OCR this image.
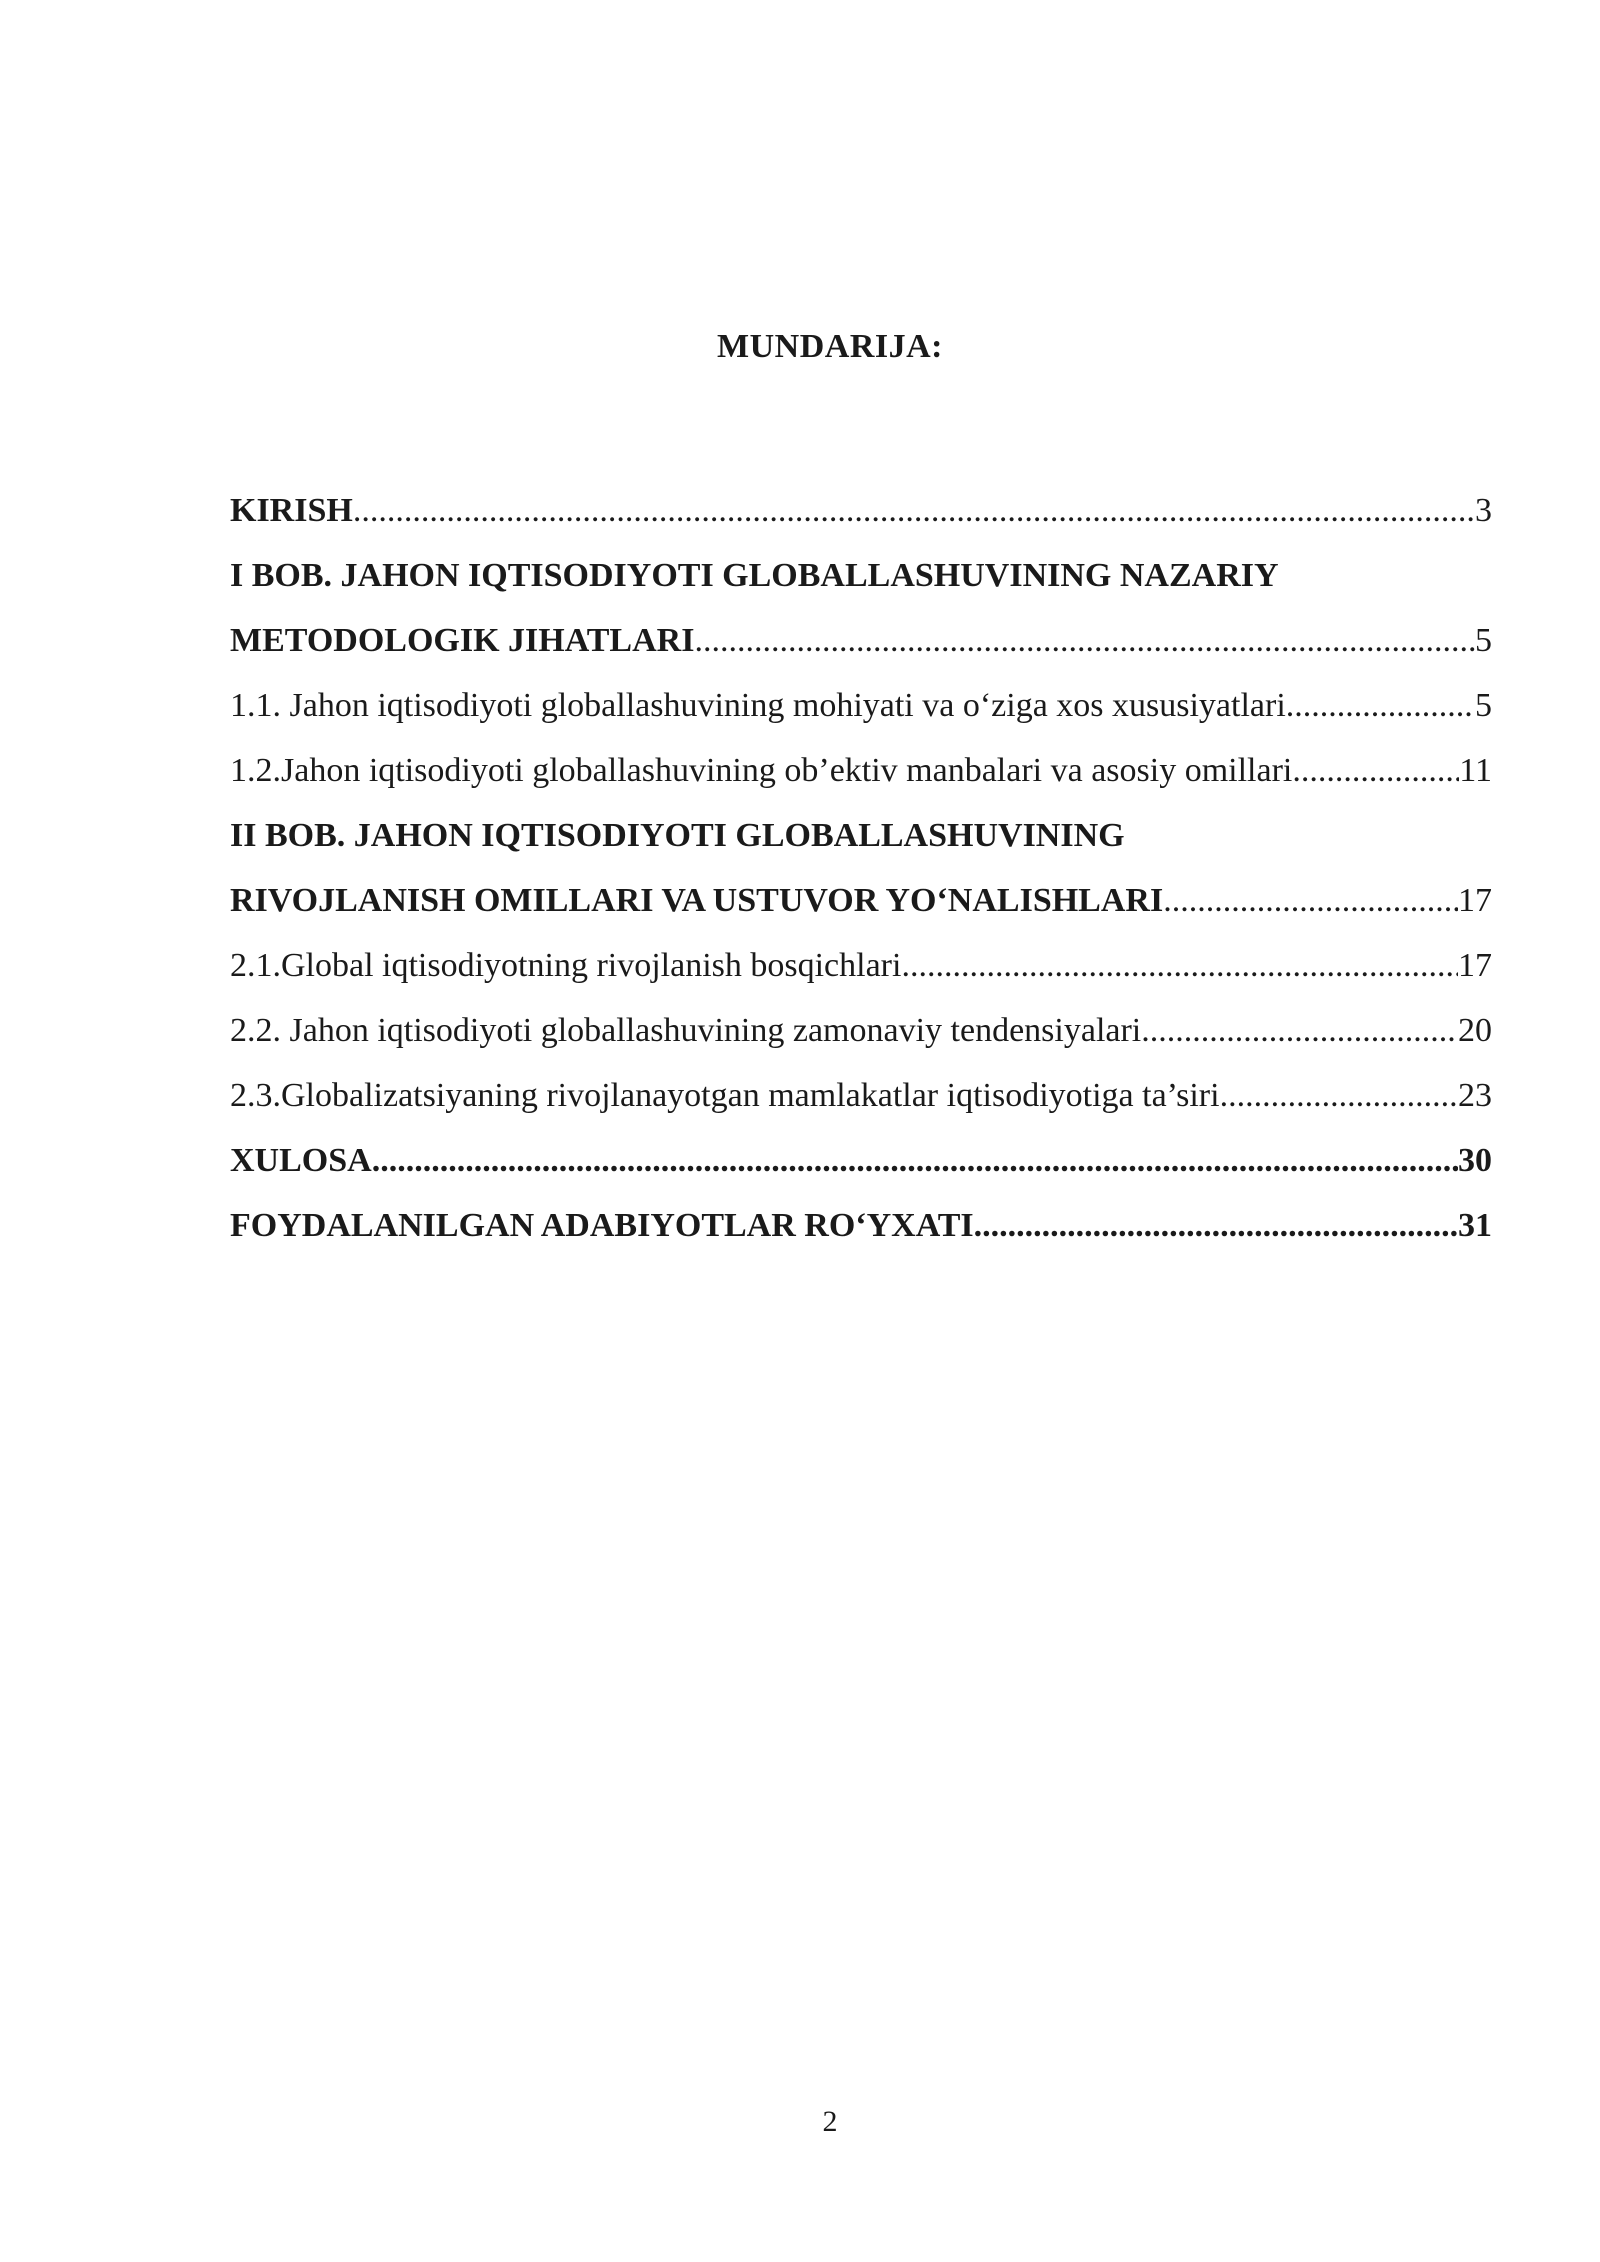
MUNDARIJA:
KIRISH .....	3
I BOB. JAHON IQTISODIYOTI GLOBALLASHUVINING NAZARIY
METODOLOGIK JIHATLARI .....	5
1.1. Jahon iqtisodiyoti globallashuvining mohiyati va o‘ziga xos xususiyatlari .....	5
1.2.Jahon iqtisodiyoti globallashuvining ob’ektiv manbalari va asosiy omillari .....	11
II BOB. JAHON IQTISODIYOTI GLOBALLASHUVINING
RIVOJLANISH OMILLARI VA USTUVOR YO‘NALISHLARI .....	17
2.1.Global iqtisodiyotning rivojlanish bosqichlari .....	17
2.2. Jahon iqtisodiyoti globallashuvining zamonaviy tendensiyalari .....	20
2.3.Globalizatsiyaning rivojlanayotgan mamlakatlar iqtisodiyotiga ta’siri .....	23
XULOSA .....	30
FOYDALANILGAN ADABIYOTLAR RO‘YXATI .....	31
2
